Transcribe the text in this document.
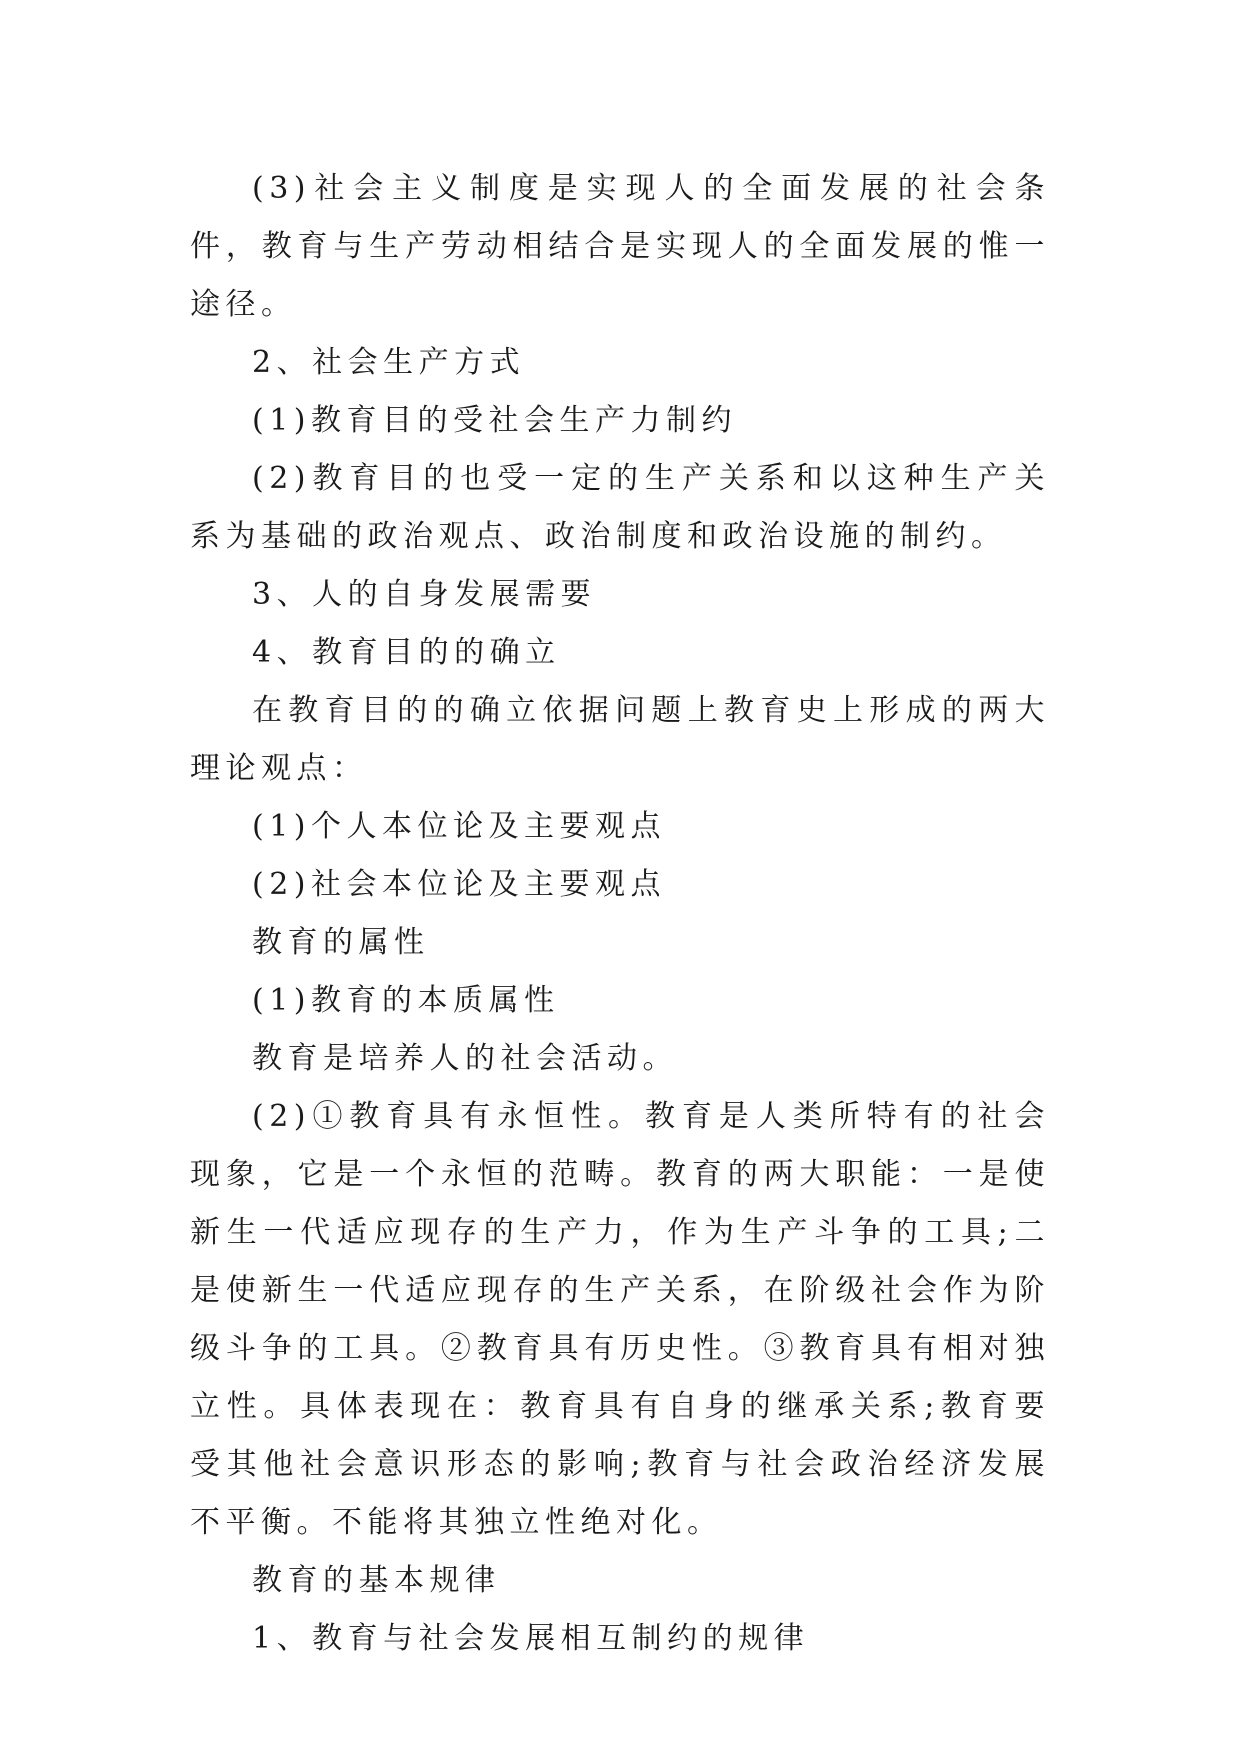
(3)社会主义制度是实现人的全面发展的社会条件，教育与生产劳动相结合是实现人的全面发展的惟一途径。

2、社会生产方式

(1)教育目的受社会生产力制约

(2)教育目的也受一定的生产关系和以这种生产关系为基础的政治观点、政治制度和政治设施的制约。

3、人的自身发展需要

4、教育目的的确立

在教育目的的确立依据问题上教育史上形成的两大理论观点：

(1)个人本位论及主要观点

(2)社会本位论及主要观点

教育的属性

(1)教育的本质属性

教育是培养人的社会活动。

(2)①教育具有永恒性。教育是人类所特有的社会现象，它是一个永恒的范畴。教育的两大职能：一是使新生一代适应现存的生产力，作为生产斗争的工具;二是使新生一代适应现存的生产关系，在阶级社会作为阶级斗争的工具。②教育具有历史性。③教育具有相对独立性。具体表现在：教育具有自身的继承关系;教育要受其他社会意识形态的影响;教育与社会政治经济发展不平衡。不能将其独立性绝对化。

教育的基本规律

1、教育与社会发展相互制约的规律
